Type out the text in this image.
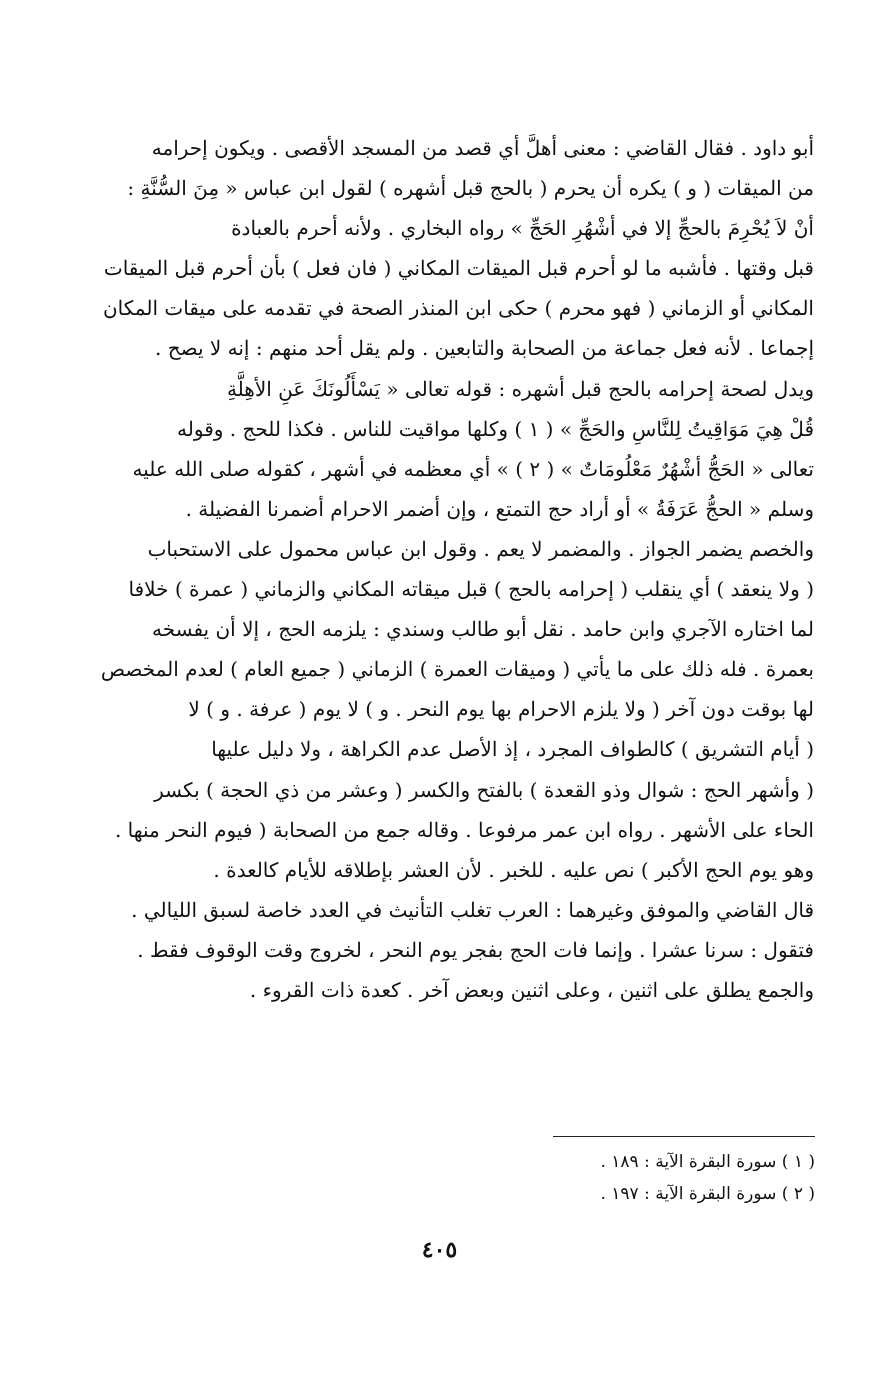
أبو داود . فقال القاضي : معنى أهلَّ أي قصد من المسجد الأقصى . ويكون إحرامه
من الميقات ( و ) يكره أن يحرم ( بالحج قبل أشهره ) لقول ابن عباس « مِنَ السُّنَّةِ :
أنْ لاَ يُحْرِمَ بالحجِّ إلا في أشْهُرِ الحَجِّ » رواه البخاري . ولأنه أحرم بالعبادة
قبل وقتها . فأشبه ما لو أحرم قبل الميقات المكاني ( فان فعل ) بأن أحرم قبل الميقات
المكاني أو الزماني ( فهو محرم ) حكى ابن المنذر الصحة في تقدمه على ميقات المكان
إجماعا . لأنه فعل جماعة من الصحابة والتابعين . ولم يقل أحد منهم : إنه لا يصح .
ويدل لصحة إحرامه بالحج قبل أشهره : قوله تعالى « يَسْأَلُونَكَ عَنِ الأهِلَّةِ
قُلْ هِيَ مَوَاقِيتُ لِلنَّاسِ والحَجِّ » ( ١ ) وكلها مواقيت للناس . فكذا للحج . وقوله
تعالى « الحَجُّ أشْهُرٌ مَعْلُومَاتٌ » ( ٢ ) » أي معظمه في أشهر ، كقوله صلى الله عليه
وسلم « الحجُّ عَرَفَةُ » أو أراد حج التمتع ، وإن أضمر الاحرام أضمرنا الفضيلة .
والخصم يضمر الجواز . والمضمر لا يعم . وقول ابن عباس محمول على الاستحباب
( ولا ينعقد ) أي ينقلب ( إحرامه بالحج ) قبل ميقاته المكاني والزماني ( عمرة ) خلافا
لما اختاره الآجري وابن حامد . نقل أبو طالب وسندي : يلزمه الحج ، إلا أن يفسخه
بعمرة . فله ذلك على ما يأتي ( وميقات العمرة ) الزماني ( جميع العام ) لعدم المخصص
لها بوقت دون آخر ( ولا يلزم الاحرام بها يوم النحر . و ) لا يوم ( عرفة . و ) لا
( أيام التشريق ) كالطواف المجرد ، إذ الأصل عدم الكراهة ، ولا دليل عليها
( وأشهر الحج : شوال وذو القعدة ) بالفتح والكسر ( وعشر من ذي الحجة ) بكسر
الحاء على الأشهر . رواه ابن عمر مرفوعا . وقاله جمع من الصحابة ( فيوم النحر منها .
وهو يوم الحج الأكبر ) نص عليه . للخبر . لأن العشر بإطلاقه للأيام كالعدة .
قال القاضي والموفق وغيرهما : العرب تغلب التأنيث في العدد خاصة لسبق الليالي .
فتقول : سرنا عشرا . وإنما فات الحج بفجر يوم النحر ، لخروج وقت الوقوف فقط .
والجمع يطلق على اثنين ، وعلى اثنين وبعض آخر . كعدة ذات القروء .
( ١ ) سورة البقرة الآية : ١٨٩ .
( ٢ ) سورة البقرة الآية : ١٩٧ .
٤٠٥
